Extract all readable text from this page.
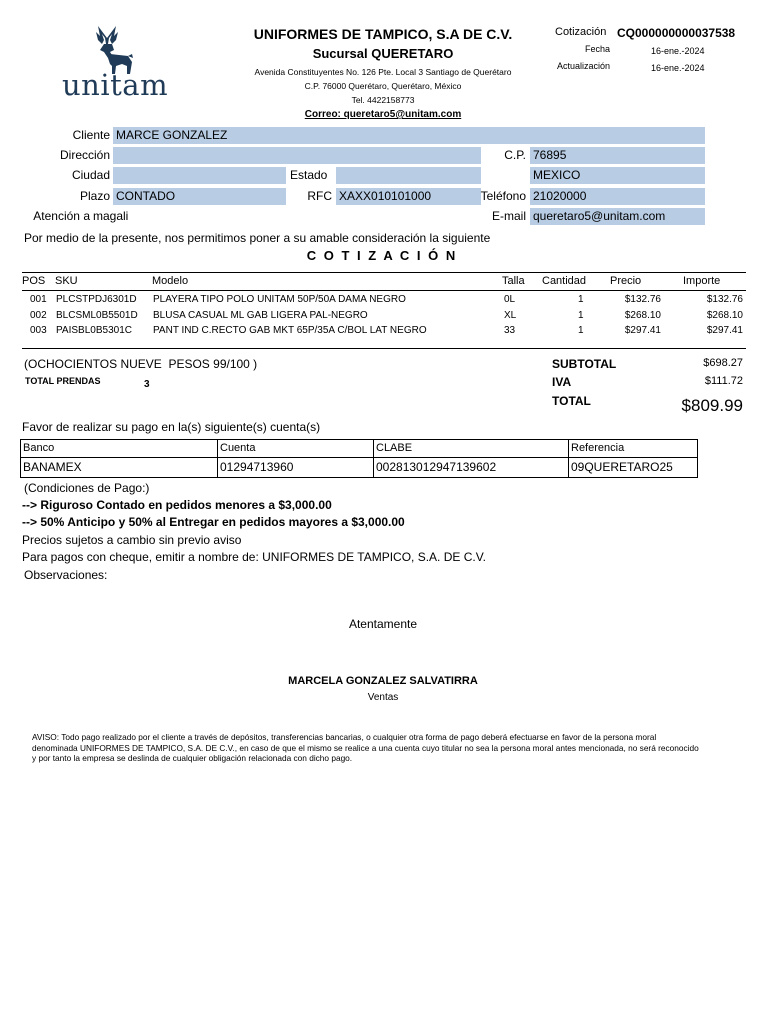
unitam
UNIFORMES DE TAMPICO, S.A DE C.V.
Sucursal QUERETARO
Avenida Constituyentes No. 126 Pte. Local 3 Santiago de Querétaro
C.P. 76000 Querétaro, Querétaro, México
Tel. 4422158773
Correo: queretaro5@unitam.com
Cotización CQ000000000037538
Fecha	16-ene.-2024
Actualización	16-ene.-2024
Cliente MARCE GONZALEZ
Dirección	C.P. 76895
Ciudad	Estado	MEXICO
Plazo CONTADO	RFC XAXX010101000	Teléfono 21020000
Atención a magali	E-mail queretaro5@unitam.com
Por medio de la presente, nos permitimos poner a su amable consideración la siguiente
C O T I Z A C I Ó N
POS SKU	Modelo	Talla Cantidad Precio	Importe
001 PLCSTPDJ6301D PLAYERA TIPO POLO UNITAM 50P/50A DAMA NEGRO	0L	1	$132.76	$132.76
002 BLCSML0B5501D BLUSA CASUAL ML GAB LIGERA PAL-NEGRO	XL	1	$268.10	$268.10
003 PAISBL0B5301C PANT IND C.RECTO GAB MKT 65P/35A C/BOL LAT NEGRO	33	1	$297.41	$297.41
(OCHOCIENTOS NUEVE  PESOS 99/100 )
TOTAL PRENDAS	3
SUBTOTAL	$698.27
IVA	$111.72
TOTAL	$809.99
Favor de realizar su pago en la(s) siguiente(s) cuenta(s)
Banco	Cuenta	CLABE	Referencia
BANAMEX	01294713960	002813012947139602	09QUERETARO25
(Condiciones de Pago:)
--> Riguroso Contado en pedidos menores a $3,000.00
--> 50% Anticipo y 50% al Entregar en pedidos mayores a $3,000.00
Precios sujetos a cambio sin previo aviso
Para pagos con cheque, emitir a nombre de: UNIFORMES DE TAMPICO, S.A. DE C.V.
Observaciones:
Atentamente
MARCELA GONZALEZ SALVATIRRA
Ventas
AVISO: Todo pago realizado por el cliente a través de depósitos, transferencias bancarias, o cualquier otra forma de pago deberá efectuarse en favor de la persona moral denominada UNIFORMES DE TAMPICO, S.A. DE C.V., en caso de que el mismo se realice a una cuenta cuyo titular no sea la persona moral antes mencionada, no será reconocido y por tanto la empresa se deslinda de cualquier obligación relacionada con dicho pago.
